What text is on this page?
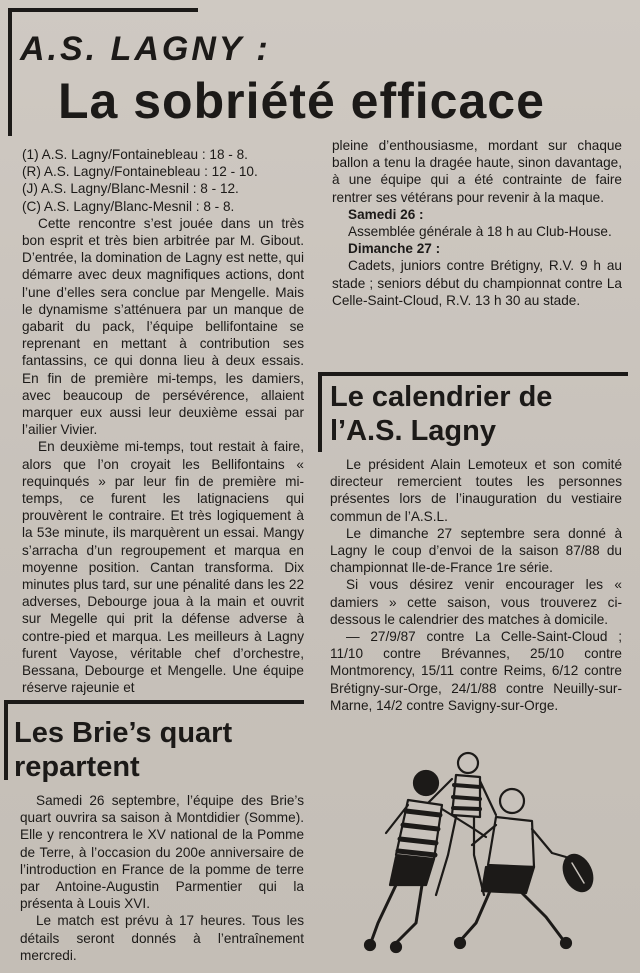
A.S. LAGNY :
La sobriété efficace

(1) A.S. Lagny/Fontainebleau : 18 - 8.

(R) A.S. Lagny/Fontainebleau : 12 - 10.

(J) A.S. Lagny/Blanc-Mesnil : 8 - 12.

(C) A.S. Lagny/Blanc-Mesnil : 8 - 8.

Cette rencontre s’est jouée dans un très bon esprit et très bien arbitrée par M. Gibout. D’entrée, la domination de Lagny est nette, qui démarre avec deux magnifiques actions, dont l’une d’elles sera conclue par Mengelle. Mais le dynamisme s’atténuera par un manque de gabarit du pack, l’équipe bellifontaine se reprenant en mettant à contribution ses fantassins, ce qui donna lieu à deux essais. En fin de première mi-temps, les damiers, avec beaucoup de persévérence, allaient marquer eux aussi leur deuxième essai par l’ailier Vivier.

En deuxième mi-temps, tout restait à faire, alors que l’on croyait les Bellifontains « requinqués » par leur fin de première mi-temps, ce furent les latignaciens qui prouvèrent le contraire. Et très logiquement à la 53e minute, ils marquèrent un essai. Mangy s’arracha d’un regroupement et marqua en moyenne position. Cantan transforma. Dix minutes plus tard, sur une pénalité dans les 22 adverses, Debourge joua à la main et ouvrit sur Megelle qui prit la défense adverse à contre-pied et marqua. Les meilleurs à Lagny furent Vayose, véritable chef d’orchestre, Bessana, Debourge et Mengelle. Une équipe réserve rajeunie et

pleine d’enthousiasme, mordant sur chaque ballon a tenu la dragée haute, sinon davantage, à une équipe qui a été contrainte de faire rentrer ses vétérans pour revenir à la maque.

Samedi 26 :

Assemblée générale à 18 h au Club-House.

Dimanche 27 :

Cadets, juniors contre Brétigny, R.V. 9 h au stade ; seniors début du championnat contre La Celle-Saint-Cloud, R.V. 13 h 30 au stade.

Les Brie’s quart repartent

Samedi 26 septembre, l’équipe des Brie’s quart ouvrira sa saison à Montdidier (Somme). Elle y rencontrera le XV national de la Pomme de Terre, à l’occasion du 200e anniversaire de l’introduction en France de la pomme de terre par Antoine-Augustin Parmentier qui la présenta à Louis XVI.

Le match est prévu à 17 heures. Tous les détails seront donnés à l’entraînement mercredi.

Le calendrier de l’A.S. Lagny

Le président Alain Lemoteux et son comité directeur remercient toutes les personnes présentes lors de l’inauguration du vestiaire commun de l’A.S.L.

Le dimanche 27 septembre sera donné à Lagny le coup d’envoi de la saison 87/88 du championnat Ile-de-France 1re série.

Si vous désirez venir encourager les « damiers » cette saison, vous trouverez ci-dessous le calendrier des matches à domicile.

— 27/9/87 contre La Celle-Saint-Cloud ; 11/10 contre Brévannes, 25/10 contre Montmorency, 15/11 contre Reims, 6/12 contre Brétigny-sur-Orge, 24/1/88 contre Neuilly-sur-Marne, 14/2 contre Savigny-sur-Orge.
